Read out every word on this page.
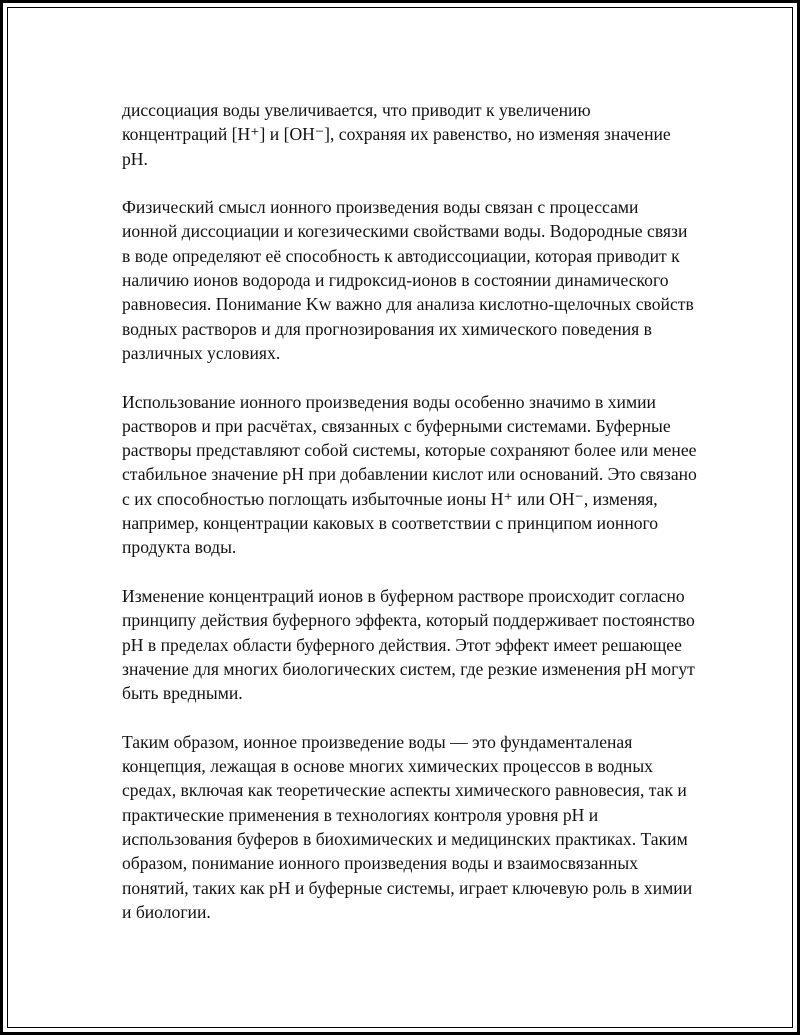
диссоциация воды увеличивается, что приводит к увеличению концентраций [H⁺] и [OH⁻], сохраняя их равенство, но изменяя значение pH.

Физический смысл ионного произведения воды связан с процессами ионной диссоциации и когезическими свойствами воды. Водородные связи в воде определяют её способность к автодиссоциации, которая приводит к наличию ионов водорода и гидроксид-ионов в состоянии динамического равновесия. Понимание Kw важно для анализа кислотно-щелочных свойств водных растворов и для прогнозирования их химического поведения в различных условиях.

Использование ионного произведения воды особенно значимо в химии растворов и при расчётах, связанных с буферными системами. Буферные растворы представляют собой системы, которые сохраняют более или менее стабильное значение pH при добавлении кислот или оснований. Это связано с их способностью поглощать избыточные ионы H⁺ или OH⁻, изменяя, например, концентрации каковых в соответствии с принципом ионного продукта воды.

Изменение концентраций ионов в буферном растворе происходит согласно принципу действия буферного эффекта, который поддерживает постоянство pH в пределах области буферного действия. Этот эффект имеет решающее значение для многих биологических систем, где резкие изменения pH могут быть вредными.

Таким образом, ионное произведение воды — это фундаменталеная концепция, лежащая в основе многих химических процессов в водных средах, включая как теоретические аспекты химического равновесия, так и практические применения в технологиях контроля уровня pH и использования буферов в биохимических и медицинских практиках. Таким образом, понимание ионного произведения воды и взаимосвязанных понятий, таких как pH и буферные системы, играет ключевую роль в химии и биологии.
